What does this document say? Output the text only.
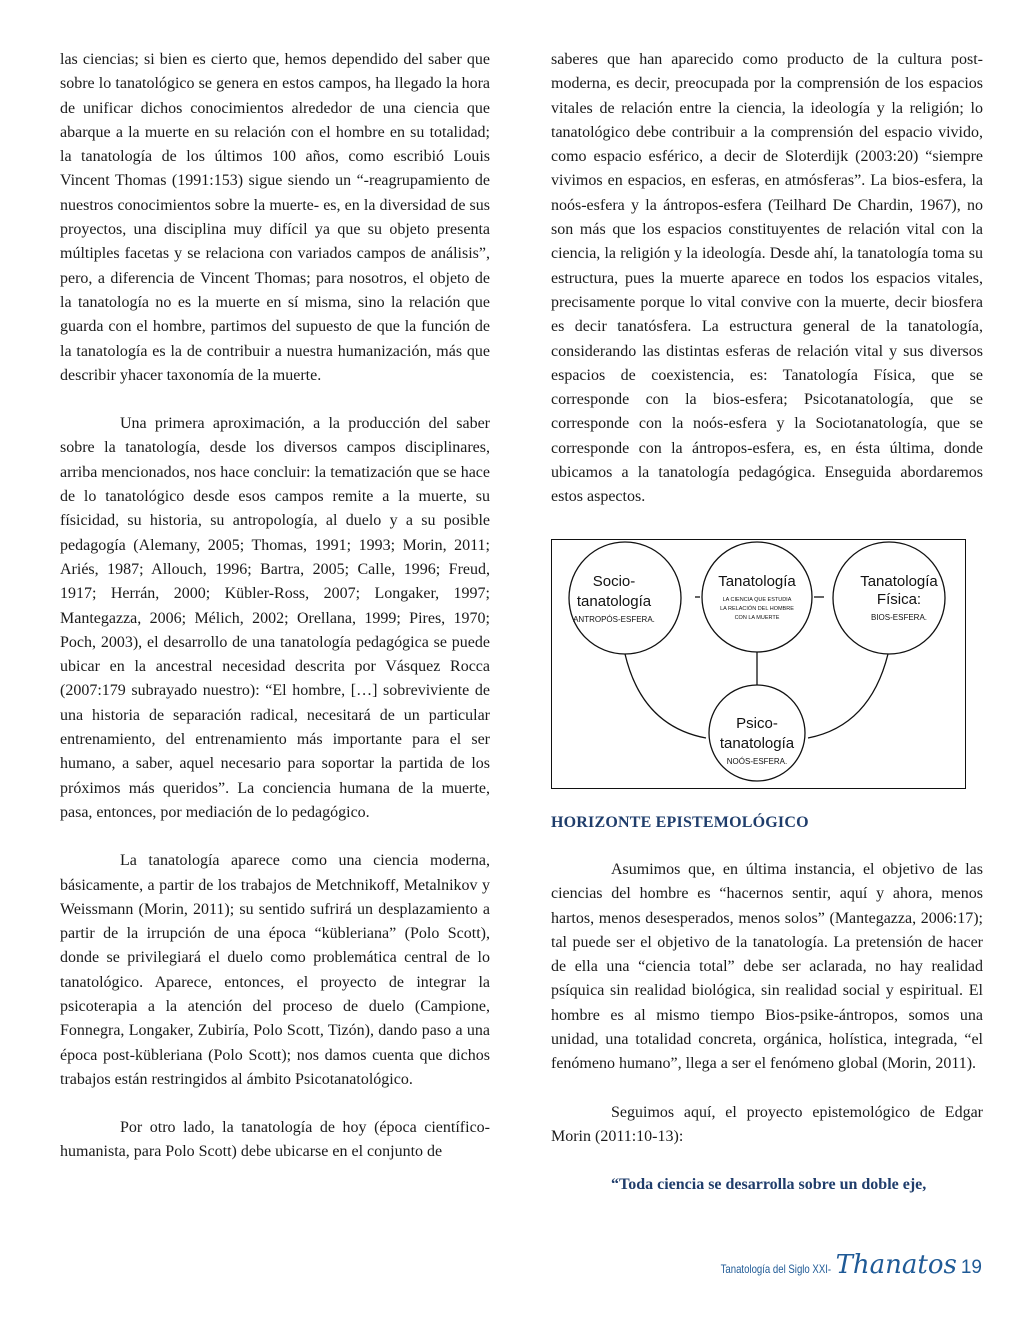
las ciencias; si bien es cierto que, hemos dependido del saber que sobre lo tanatológico se genera en estos campos, ha llegado la hora de unificar dichos conocimientos alrededor de una ciencia que abarque a la muerte en su relación con el hombre en su totalidad; la tanatología de los últimos 100 años, como escribió Louis Vincent Thomas (1991:153) sigue siendo un “-reagrupamiento de nuestros conocimientos sobre la muerte- es, en la diversidad de sus proyectos, una disciplina muy difícil ya que su objeto presenta múltiples facetas y se relaciona con variados campos de análisis”, pero, a diferencia de Vincent Thomas; para nosotros, el objeto de la tanatología no es la muerte en sí misma, sino la relación que guarda con el hombre, partimos del supuesto de que la función de la tanatología es la de contribuir a nuestra humanización, más que describir yhacer taxonomía de la muerte.

Una primera aproximación, a la producción del saber sobre la tanatología, desde los diversos campos disciplinares, arriba mencionados, nos hace concluir: la tematización que se hace de lo tanatológico desde esos campos remite a la muerte, su físicidad, su historia, su antropología, al duelo y a su posible pedagogía (Alemany, 2005; Thomas, 1991; 1993; Morin, 2011; Ariés, 1987; Allouch, 1996; Bartra, 2005; Calle, 1996; Freud, 1917; Herrán, 2000; Kübler-Ross, 2007; Longaker, 1997; Mantegazza, 2006; Mélich, 2002; Orellana, 1999; Pires, 1970; Poch, 2003), el desarrollo de una tanatología pedagógica se puede ubicar en la ancestral necesidad descrita por Vásquez Rocca (2007:179 subrayado nuestro): “El hombre, […] sobreviviente de una historia de separación radical, necesitará de un particular entrenamiento, del entrenamiento más importante para el ser humano, a saber, aquel necesario para soportar la partida de los próximos más queridos”. La conciencia humana de la muerte, pasa, entonces, por mediación de lo pedagógico.

La tanatología aparece como una ciencia moderna, básicamente, a partir de los trabajos de Metchnikoff, Metalnikov y Weissmann (Morin, 2011); su sentido sufrirá un desplazamiento a partir de la irrupción de una época “kübleriana” (Polo Scott), donde se privilegiará el duelo como problemática central de lo tanatológico. Aparece, entonces, el proyecto de integrar la psicoterapia a la atención del proceso de duelo (Campione, Fonnegra, Longaker, Zubiría, Polo Scott, Tizón), dando paso a una época post-kübleriana (Polo Scott); nos damos cuenta que dichos trabajos están restringidos al ámbito Psicotanatológico.

Por otro lado, la tanatología de hoy (época científico-humanista, para Polo Scott) debe ubicarse en el conjunto de

saberes que han aparecido como producto de la cultura post-moderna, es decir, preocupada por la comprensión de los espacios vitales de relación entre la ciencia, la ideología y la religión; lo tanatológico debe contribuir a la comprensión del espacio vivido, como espacio esférico, a decir de Sloterdijk (2003:20) “siempre vivimos en espacios, en esferas, en atmósferas”. La bios-esfera, la noós-esfera y la ántropos-esfera (Teilhard De Chardin, 1967), no son más que los espacios constituyentes de relación vital con la ciencia, la religión y la ideología. Desde ahí, la tanatología toma su estructura, pues la muerte aparece en todos los espacios vitales, precisamente porque lo vital convive con la muerte, decir biosfera es decir tanatósfera. La estructura general de la tanatología, considerando las distintas esferas de relación vital y sus diversos espacios de coexistencia, es: Tanatología Física, que se corresponde con la bios-esfera; Psicotanatología, que se corresponde con la noós-esfera y la Sociotanatología, que se corresponde con la ántropos-esfera, es, en ésta última, donde ubicamos a la tanatología pedagógica. Enseguida abordaremos estos aspectos.

Socio-
tanatología
ANTROPÓS-ESFERA.
Tanatología
LA CIENCIA QUE ESTUDIA
LA RELACIÓN DEL HOMBRE
CON LA MUERTE
Tanatología
Física:
BIOS-ESFERA.
Psico-
tanatología
NOÓS-ESFERA.
HORIZONTE EPISTEMOLÓGICO

Asumimos que, en última instancia, el objetivo de las ciencias del hombre es “hacernos sentir, aquí y ahora, menos hartos, menos desesperados, menos solos” (Mantegazza, 2006:17); tal puede ser el objetivo de la tanatología. La pretensión de hacer de ella una “ciencia total” debe ser aclarada, no hay realidad psíquica sin realidad biológica, sin realidad social y espiritual. El hombre es al mismo tiempo Bios-psike-ántropos, somos una unidad, una totalidad concreta, orgánica, holística, integrada, “el fenómeno humano”, llega a ser el fenómeno global (Morin, 2011).

Seguimos aquí, el proyecto epistemológico de Edgar Morin (2011:10-13):

“Toda ciencia se desarrolla sobre un doble eje,

Tanatología del Siglo XXI- Thanatos 19
